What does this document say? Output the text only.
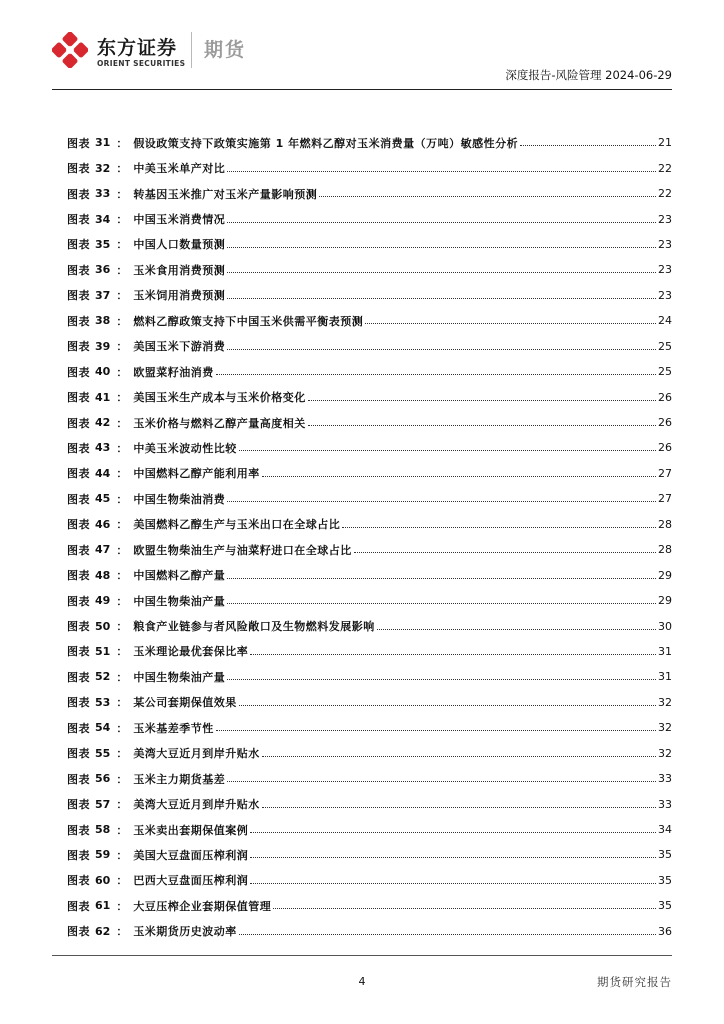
东方证券
ORIENT SECURITIES
期货
深度报告-风险管理 2024-06-29
图表 31 ： 假设政策支持下政策实施第 1 年燃料乙醇对玉米消费量（万吨）敏感性分析	21
图表 32 ： 中美玉米单产对比	22
图表 33 ： 转基因玉米推广对玉米产量影响预测	22
图表 34 ： 中国玉米消费情况	23
图表 35 ： 中国人口数量预测	23
图表 36 ： 玉米食用消费预测	23
图表 37 ： 玉米饲用消费预测	23
图表 38 ： 燃料乙醇政策支持下中国玉米供需平衡表预测	24
图表 39 ： 美国玉米下游消费	25
图表 40 ： 欧盟菜籽油消费	25
图表 41 ： 美国玉米生产成本与玉米价格变化	26
图表 42 ： 玉米价格与燃料乙醇产量高度相关	26
图表 43 ： 中美玉米波动性比较	26
图表 44 ： 中国燃料乙醇产能利用率	27
图表 45 ： 中国生物柴油消费	27
图表 46 ： 美国燃料乙醇生产与玉米出口在全球占比	28
图表 47 ： 欧盟生物柴油生产与油菜籽进口在全球占比	28
图表 48 ： 中国燃料乙醇产量	29
图表 49 ： 中国生物柴油产量	29
图表 50 ： 粮食产业链参与者风险敞口及生物燃料发展影响	30
图表 51 ： 玉米理论最优套保比率	31
图表 52 ： 中国生物柴油产量	31
图表 53 ： 某公司套期保值效果	32
图表 54 ： 玉米基差季节性	32
图表 55 ： 美湾大豆近月到岸升贴水	32
图表 56 ： 玉米主力期货基差	33
图表 57 ： 美湾大豆近月到岸升贴水	33
图表 58 ： 玉米卖出套期保值案例	34
图表 59 ： 美国大豆盘面压榨利润	35
图表 60 ： 巴西大豆盘面压榨利润	35
图表 61 ： 大豆压榨企业套期保值管理	35
图表 62 ： 玉米期货历史波动率	36
4	期货研究报告
